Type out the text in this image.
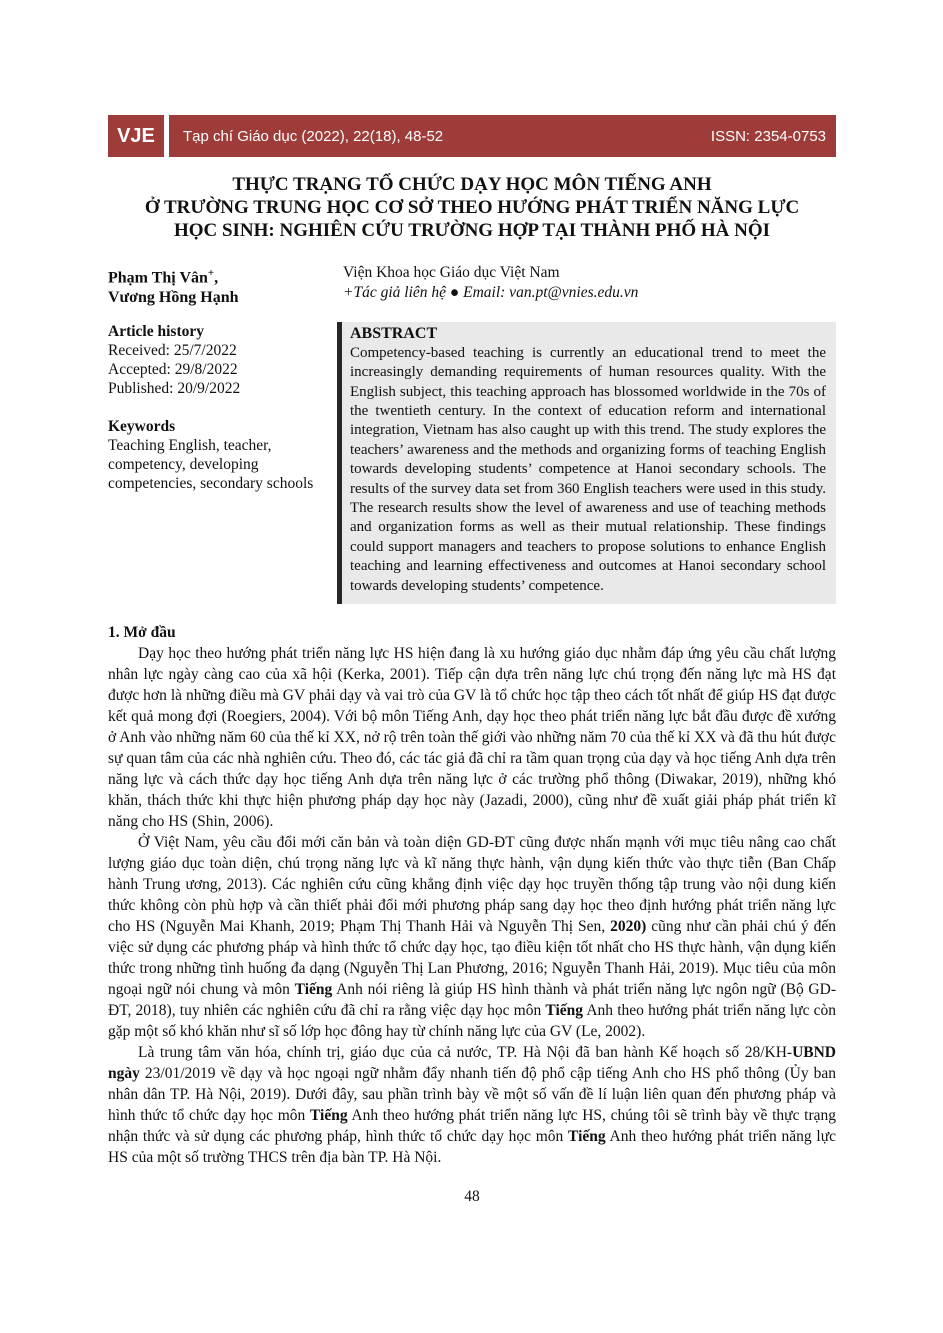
VJE	Tạp chí Giáo dục (2022), 22(18), 48-52	ISSN: 2354-0753
THỰC TRẠNG TỔ CHỨC DẠY HỌC MÔN TIẾNG ANH
Ở TRƯỜNG TRUNG HỌC CƠ SỞ THEO HƯỚNG PHÁT TRIỂN NĂNG LỰC
HỌC SINH: NGHIÊN CỨU TRƯỜNG HỢP TẠI THÀNH PHỐ HÀ NỘI
Phạm Thị Vân+,
Vương Hồng Hạnh
Viện Khoa học Giáo dục Việt Nam
+Tác giả liên hệ ● Email: van.pt@vnies.edu.vn
Article history
Received: 25/7/2022
Accepted: 29/8/2022
Published: 20/9/2022
Keywords
Teaching English, teacher, competency, developing competencies, secondary schools
ABSTRACT
Competency-based teaching is currently an educational trend to meet the increasingly demanding requirements of human resources quality. With the English subject, this teaching approach has blossomed worldwide in the 70s of the twentieth century. In the context of education reform and international integration, Vietnam has also caught up with this trend. The study explores the teachers’ awareness and the methods and organizing forms of teaching English towards developing students’ competence at Hanoi secondary schools. The results of the survey data set from 360 English teachers were used in this study. The research results show the level of awareness and use of teaching methods and organization forms as well as their mutual relationship. These findings could support managers and teachers to propose solutions to enhance English teaching and learning effectiveness and outcomes at Hanoi secondary school towards developing students’ competence.
1. Mở đầu

Dạy học theo hướng phát triển năng lực HS hiện đang là xu hướng giáo dục nhằm đáp ứng yêu cầu chất lượng nhân lực ngày càng cao của xã hội (Kerka, 2001). Tiếp cận dựa trên năng lực chú trọng đến năng lực mà HS đạt được hơn là những điều mà GV phải dạy và vai trò của GV là tổ chức học tập theo cách tốt nhất để giúp HS đạt được kết quả mong đợi (Roegiers, 2004). Với bộ môn Tiếng Anh, dạy học theo phát triển năng lực bắt đầu được đề xướng ở Anh vào những năm 60 của thế kỉ XX, nở rộ trên toàn thế giới vào những năm 70 của thế kỉ XX và đã thu hút được sự quan tâm của các nhà nghiên cứu. Theo đó, các tác giả đã chỉ ra tầm quan trọng của dạy và học tiếng Anh dựa trên năng lực và cách thức dạy học tiếng Anh dựa trên năng lực ở các trường phổ thông (Diwakar, 2019), những khó khăn, thách thức khi thực hiện phương pháp dạy học này (Jazadi, 2000), cũng như đề xuất giải pháp phát triển kĩ năng cho HS (Shin, 2006).

Ở Việt Nam, yêu cầu đổi mới căn bản và toàn diện GD-ĐT cũng được nhấn mạnh với mục tiêu nâng cao chất lượng giáo dục toàn diện, chú trọng năng lực và kĩ năng thực hành, vận dụng kiến thức vào thực tiễn (Ban Chấp hành Trung ương, 2013). Các nghiên cứu cũng khẳng định việc dạy học truyền thống tập trung vào nội dung kiến thức không còn phù hợp và cần thiết phải đổi mới phương pháp sang dạy học theo định hướng phát triển năng lực cho HS (Nguyễn Mai Khanh, 2019; Phạm Thị Thanh Hải và Nguyễn Thị Sen, 2020) cũng như cần phải chú ý đến việc sử dụng các phương pháp và hình thức tổ chức dạy học, tạo điều kiện tốt nhất cho HS thực hành, vận dụng kiến thức trong những tình huống đa dạng (Nguyễn Thị Lan Phương, 2016; Nguyễn Thanh Hải, 2019). Mục tiêu của môn ngoại ngữ nói chung và môn Tiếng Anh nói riêng là giúp HS hình thành và phát triển năng lực ngôn ngữ (Bộ GD-ĐT, 2018), tuy nhiên các nghiên cứu đã chỉ ra rằng việc dạy học môn Tiếng Anh theo hướng phát triển năng lực còn gặp một số khó khăn như sĩ số lớp học đông hay từ chính năng lực của GV (Le, 2002).

Là trung tâm văn hóa, chính trị, giáo dục của cả nước, TP. Hà Nội đã ban hành Kế hoạch số 28/KH-UBND ngày 23/01/2019 về dạy và học ngoại ngữ nhằm đẩy nhanh tiến độ phổ cập tiếng Anh cho HS phổ thông (Ủy ban nhân dân TP. Hà Nội, 2019). Dưới đây, sau phần trình bày về một số vấn đề lí luận liên quan đến phương pháp và hình thức tổ chức dạy học môn Tiếng Anh theo hướng phát triển năng lực HS, chúng tôi sẽ trình bày về thực trạng nhận thức và sử dụng các phương pháp, hình thức tổ chức dạy học môn Tiếng Anh theo hướng phát triển năng lực HS của một số trường THCS trên địa bàn TP. Hà Nội.

48
